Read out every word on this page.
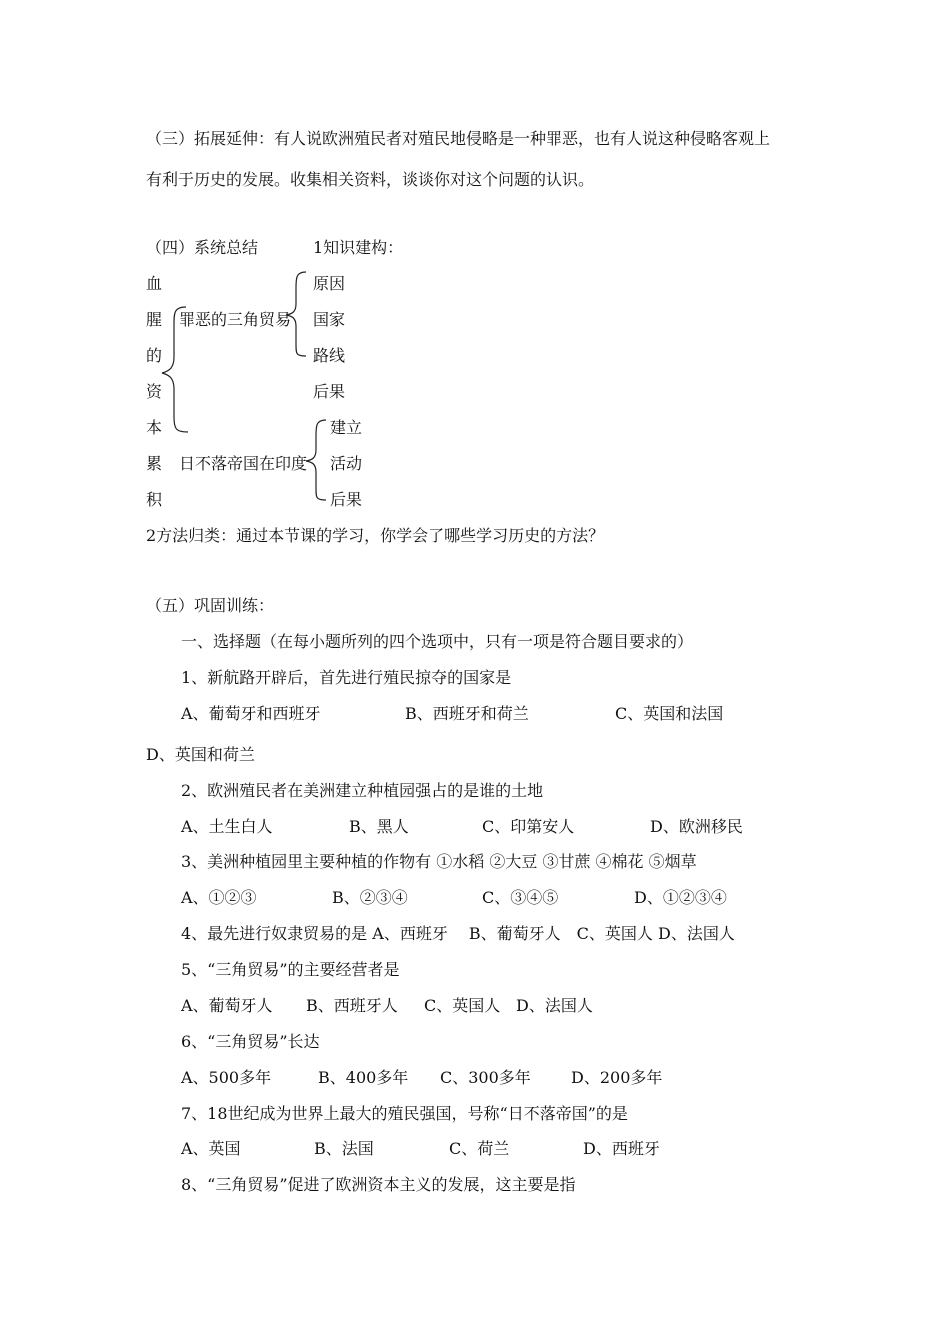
（三）拓展延伸：有人说欧洲殖民者对殖民地侵略是一种罪恶，也有人说这种侵略客观上
有利于历史的发展。收集相关资料，谈谈你对这个问题的认识。
（四）系统总结	1知识建构：
血
腥
的
资
本
累
积
罪恶的三角贸易
原因
国家
路线
后果
日不落帝国在印度
建立
活动
后果
2方法归类：通过本节课的学习，你学会了哪些学习历史的方法？
（五）巩固训练：
一、选择题（在每小题所列的四个选项中，只有一项是符合题目要求的）
1、新航路开辟后，首先进行殖民掠夺的国家是
A、葡萄牙和西班牙	B、西班牙和荷兰	C、英国和法国
D、英国和荷兰
2、欧洲殖民者在美洲建立种植园强占的是谁的土地
A、土生白人	B、黑人	C、印第安人	D、欧洲移民
3、美洲种植园里主要种植的作物有 ①水稻 ②大豆 ③甘蔗 ④棉花 ⑤烟草
A、①②③	B、②③④	C、③④⑤	D、①②③④
4、最先进行奴隶贸易的是 A、西班牙　 B、葡萄牙人　C、英国人 D、法国人
5、“三角贸易”的主要经营者是
A、葡萄牙人 B、西班牙人 C、英国人 D、法国人
6、“三角贸易”长达
A、500多年	B、400多年 C、300多年	D、200多年
7、18世纪成为世界上最大的殖民强国，号称“日不落帝国”的是
A、英国	B、法国	C、荷兰	D、西班牙
8、“三角贸易”促进了欧洲资本主义的发展，这主要是指
